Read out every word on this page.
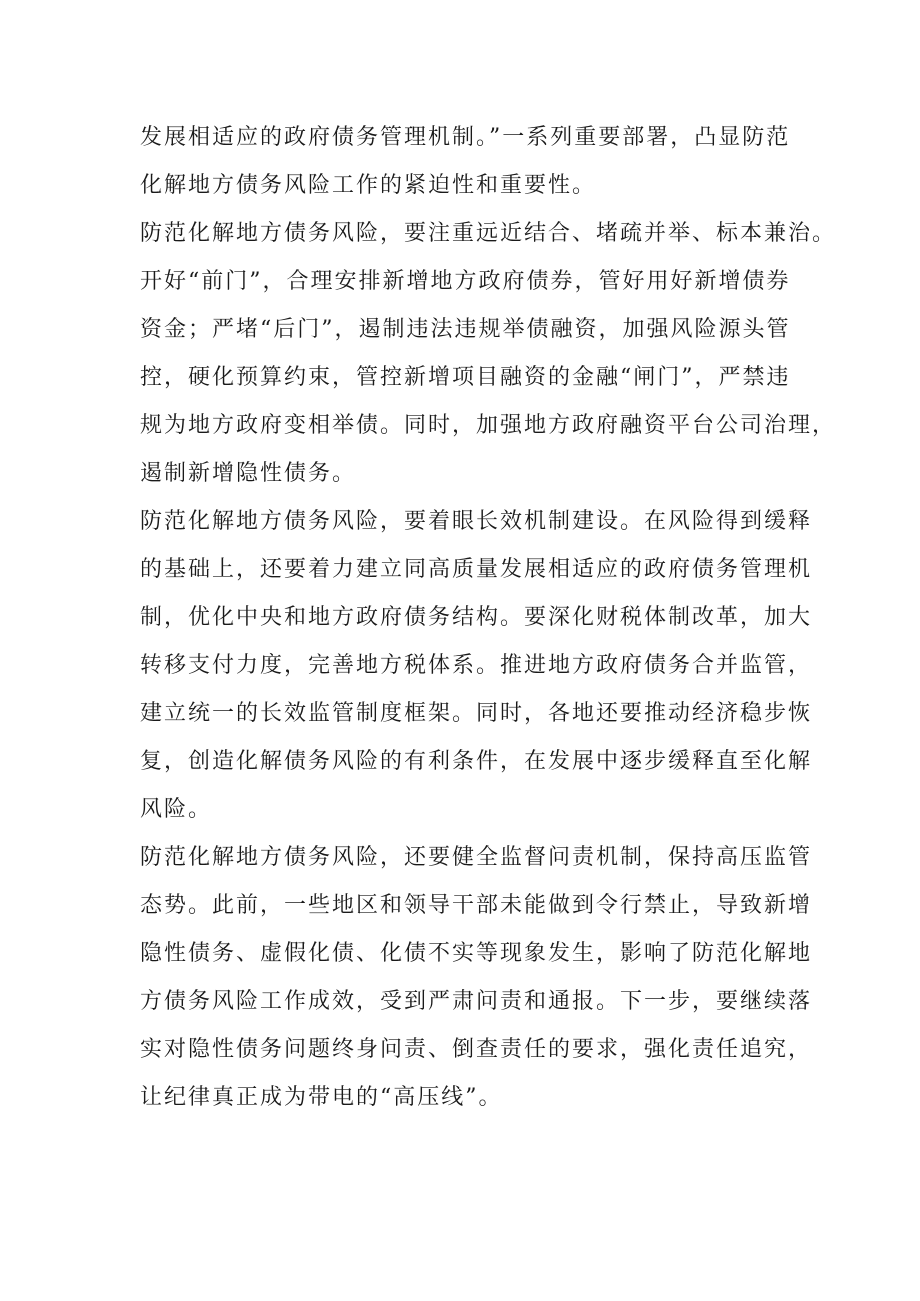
发展相适应的政府债务管理机制。”一系列重要部署，凸显防范
化解地方债务风险工作的紧迫性和重要性。
防范化解地方债务风险，要注重远近结合、堵疏并举、标本兼治。
开好“前门”，合理安排新增地方政府债券，管好用好新增债券
资金；严堵“后门”，遏制违法违规举债融资，加强风险源头管
控，硬化预算约束，管控新增项目融资的金融“闸门”，严禁违
规为地方政府变相举债。同时，加强地方政府融资平台公司治理，
遏制新增隐性债务。
防范化解地方债务风险，要着眼长效机制建设。在风险得到缓释
的基础上，还要着力建立同高质量发展相适应的政府债务管理机
制，优化中央和地方政府债务结构。要深化财税体制改革，加大
转移支付力度，完善地方税体系。推进地方政府债务合并监管，
建立统一的长效监管制度框架。同时，各地还要推动经济稳步恢
复，创造化解债务风险的有利条件，在发展中逐步缓释直至化解
风险。
防范化解地方债务风险，还要健全监督问责机制，保持高压监管
态势。此前，一些地区和领导干部未能做到令行禁止，导致新增
隐性债务、虚假化债、化债不实等现象发生，影响了防范化解地
方债务风险工作成效，受到严肃问责和通报。下一步，要继续落
实对隐性债务问题终身问责、倒查责任的要求，强化责任追究，
让纪律真正成为带电的“高压线”。
